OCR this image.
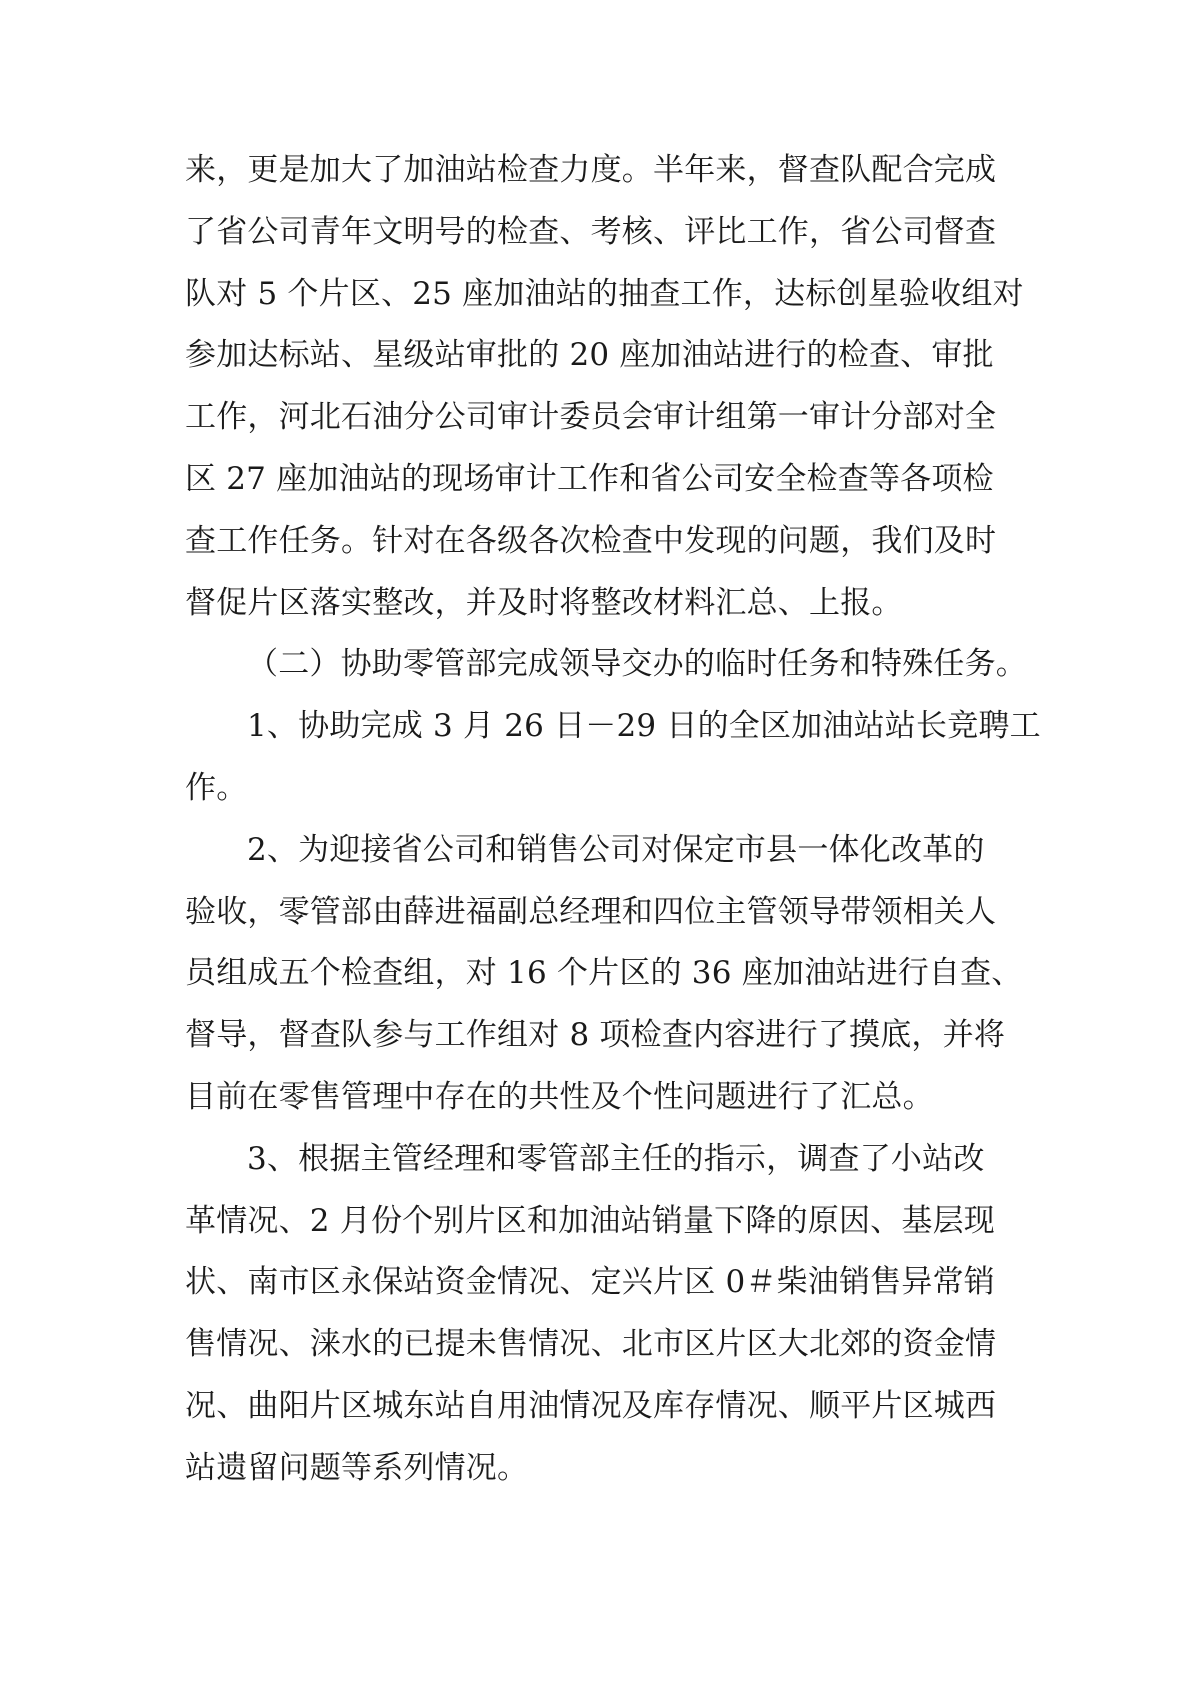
来，更是加大了加油站检查力度。半年来，督查队配合完成
了省公司青年文明号的检查、考核、评比工作，省公司督查
队对 5 个片区、25 座加油站的抽查工作，达标创星验收组对
参加达标站、星级站审批的 20 座加油站进行的检查、审批
工作，河北石油分公司审计委员会审计组第一审计分部对全
区 27 座加油站的现场审计工作和省公司安全检查等各项检
查工作任务。针对在各级各次检查中发现的问题，我们及时
督促片区落实整改，并及时将整改材料汇总、上报。
（二）协助零管部完成领导交办的临时任务和特殊任务。
1、协助完成 3 月 26 日－29 日的全区加油站站长竞聘工
作。
2、为迎接省公司和销售公司对保定市县一体化改革的
验收，零管部由薛进福副总经理和四位主管领导带领相关人
员组成五个检查组，对 16 个片区的 36 座加油站进行自查、
督导，督查队参与工作组对 8 项检查内容进行了摸底，并将
目前在零售管理中存在的共性及个性问题进行了汇总。
3、根据主管经理和零管部主任的指示，调查了小站改
革情况、2 月份个别片区和加油站销量下降的原因、基层现
状、南市区永保站资金情况、定兴片区 0＃柴油销售异常销
售情况、涞水的已提未售情况、北市区片区大北郊的资金情
况、曲阳片区城东站自用油情况及库存情况、顺平片区城西
站遗留问题等系列情况。
